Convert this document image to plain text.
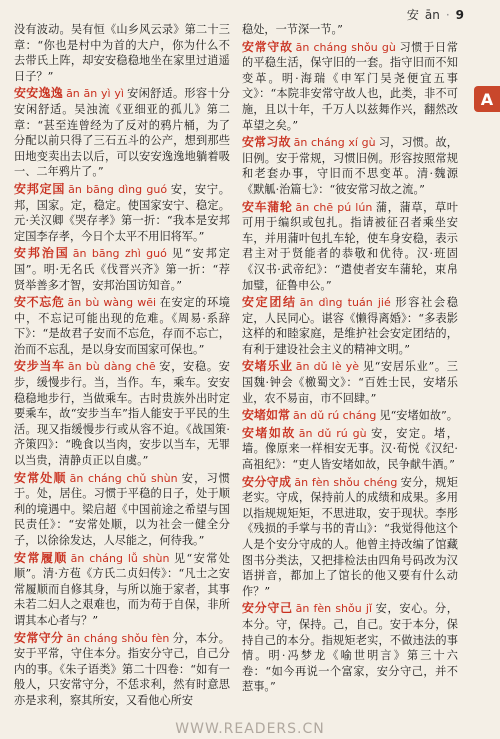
安 ān · 9
A

没有波动。吴有恒《山乡风云录》第二十三章：“你也是村中为首的大户，你为什么不去带氏上阵，却安安稳稳地坐在家里过逍遥日子？”

安安逸逸 ān ān yì yì 安闲舒适。形容十分安闲舒适。吴浊流《亚细亚的孤儿》第二章：“甚至连曾经为了反对的鸦片桶，为了分配以前只得了三石五斗的公产，想到那些田地变卖出去以后，可以安安逸逸地躺着吸一、二年鸦片了。”

安邦定国 ān bāng dìng guó 安，安宁。邦，国家。定，稳定。使国家安宁、稳定。元·关汉卿《哭存孝》第一折：“我本是安邦定国李存孝，今日个太平不用旧将军。”

安邦治国 ān bāng zhì guó 见“安邦定国”。明·无名氏《伐晋兴齐》第一折：“荐贤举善多才智，安邦治国访知音。”

安不忘危 ān bù wàng wēi 在安定的环境中，不忘记可能出现的危难。《周易·系辞下》：“是故君子安而不忘危，存而不忘亡，治而不忘乱，是以身安而国家可保也。”

安步当车 ān bù dàng chē 安，安稳。安步，缓慢步行。当，当作。车，乘车。安安稳稳地步行，当做乘车。古时贵族外出时定要乘车，故“安步当车”指人能安于平民的生活。现又指缓慢步行或从容不迫。《战国策·齐策四》：“晚食以当肉，安步以当车，无罪以当贵，清静贞正以自虞。”

安常处顺 ān cháng chǔ shùn 安，习惯于。处，居住。习惯于平稳的日子，处于顺利的境遇中。梁启超《中国前途之希望与国民责任》：“安常处顺，以为社会一健全分子，以徐徐发达，人尽能之，何待我。”

安常履顺 ān cháng lǚ shùn 见“安常处顺”。清·方苞《方氏二贞妇传》：“凡士之安常履顺而自修其身，与所以施于家者，其事未若二妇人之艰难也，而为苟于自保，非所谓其本心者与？”

安常守分 ān cháng shǒu fèn 分，本分。安于平常，守住本分。指安分守己，自己分内的事。《朱子语类》第二十四卷：“如有一般人，只安常守分，不恁求利，然有时意思亦是求利，察其所安，又看他心所安

稳处，一节深一节。”

安常守故 ān cháng shǒu gù 习惯于日常的平稳生活，保守旧的一套。指守旧而不知变革。明·海瑞《申军门吴尧便宜五事文》：“本院非安常守故人也，此类，非不可施，且以十年，千万人以兹舞作兴，翻然改革望之矣。”

安常习故 ān cháng xí gù 习，习惯。故，旧例。安于常规，习惯旧例。形容按照常规和老套办事，守旧而不思变革。清·魏源《默觚·治篇七》：“彼安常习故之流。”

安车蒲轮 ān chē pú lún 蒲，蒲草，草叶可用于编织或包扎。指请被征召者乘坐安车，并用蒲叶包扎车轮，使车身安稳，表示君主对于贤能者的恭敬和优待。汉·班固《汉书·武帝纪》：“遣使者安车蒲轮，束帛加璧，征鲁申公。”

安定团结 ān dìng tuán jié 形容社会稳定，人民同心。谌容《懒得离婚》：“多表影这样的和睦家庭，是维护社会安定团结的，有利于建设社会主义的精神文明。”

安堵乐业 ān dǔ lè yè 见“安居乐业”。三国魏·钟会《檄蜀文》：“百姓士民，安堵乐业，农不易亩，市不回肆。”

安堵如常 ān dǔ rú cháng 见“安堵如故”。

安堵如故 ān dǔ rú gù 安，安定。堵，墙。像原来一样相安无事。汉·荀悦《汉纪·高祖纪》：“吏人皆安堵如故，民争献牛酒。”

安分守成 ān fèn shǒu chéng 安分，规矩老实。守成，保持前人的成绩和成果。多用以指规规矩矩，不思进取，安于现状。李彤《残损的手掌与书的青山》：“我觉得他这个人是个安分守成的人。他曾主持改编了馆藏图书分类法，又把排检法由四角号码改为汉语拼音，都加上了馆长的他又要有什么动作？”

安分守己 ān fèn shǒu jǐ 安，安心。分，本分。守，保持。己，自己。安于本分，保持自己的本分。指规矩老实，不做违法的事情。明·冯梦龙《喻世明言》第三十六卷：“如今再说一个富家，安分守己，并不惹事。”

WWW.READERS.CN
